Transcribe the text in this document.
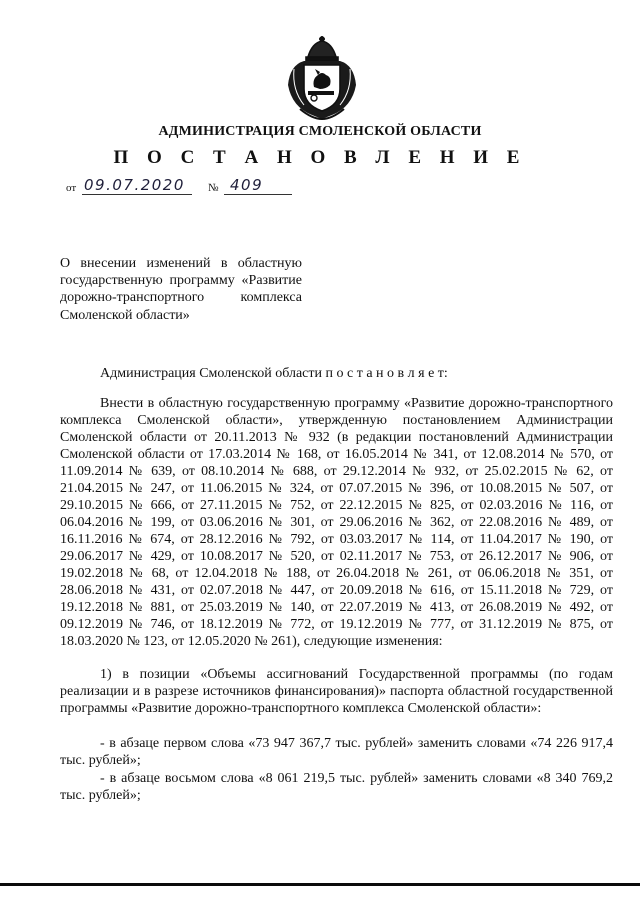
АДМИНИСТРАЦИЯ СМОЛЕНСКОЙ ОБЛАСТИ
П О С Т А Н О В Л Е Н И Е
от 09.07.2020 № 409
О внесении изменений в областную государственную программу «Развитие дорожно-транспортного комплекса Смоленской области»
Администрация Смоленской области п о с т а н о в л я е т:
Внести в областную государственную программу «Развитие дорожно-транспортного комплекса Смоленской области», утвержденную постановлением Администрации Смоленской области от 20.11.2013 № 932 (в редакции постановлений Администрации Смоленской области от 17.03.2014 № 168, от 16.05.2014 № 341, от 12.08.2014 № 570, от 11.09.2014 № 639, от 08.10.2014 № 688, от 29.12.2014 № 932, от 25.02.2015 № 62, от 21.04.2015 № 247, от 11.06.2015 № 324, от 07.07.2015 № 396, от 10.08.2015 № 507, от 29.10.2015 № 666, от 27.11.2015 № 752, от 22.12.2015 № 825, от 02.03.2016 № 116, от 06.04.2016 № 199, от 03.06.2016 № 301, от 29.06.2016 № 362, от 22.08.2016 № 489, от 16.11.2016 № 674, от 28.12.2016 № 792, от 03.03.2017 № 114, от 11.04.2017 № 190, от 29.06.2017 № 429, от 10.08.2017 № 520, от 02.11.2017 № 753, от 26.12.2017 № 906, от 19.02.2018 № 68, от 12.04.2018 № 188, от 26.04.2018 № 261, от 06.06.2018 № 351, от 28.06.2018 № 431, от 02.07.2018 № 447, от 20.09.2018 № 616, от 15.11.2018 № 729, от 19.12.2018 № 881, от 25.03.2019 № 140, от 22.07.2019 № 413, от 26.08.2019 № 492, от 09.12.2019 № 746, от 18.12.2019 № 772, от 19.12.2019 № 777, от 31.12.2019 № 875, от 18.03.2020 № 123, от 12.05.2020 № 261), следующие изменения:
1) в позиции «Объемы ассигнований Государственной программы (по годам реализации и в разрезе источников финансирования)» паспорта областной государственной программы «Развитие дорожно-транспортного комплекса Смоленской области»:
- в абзаце первом слова «73 947 367,7 тыс. рублей» заменить словами «74 226 917,4 тыс. рублей»;
- в абзаце восьмом слова «8 061 219,5 тыс. рублей» заменить словами «8 340 769,2 тыс. рублей»;
